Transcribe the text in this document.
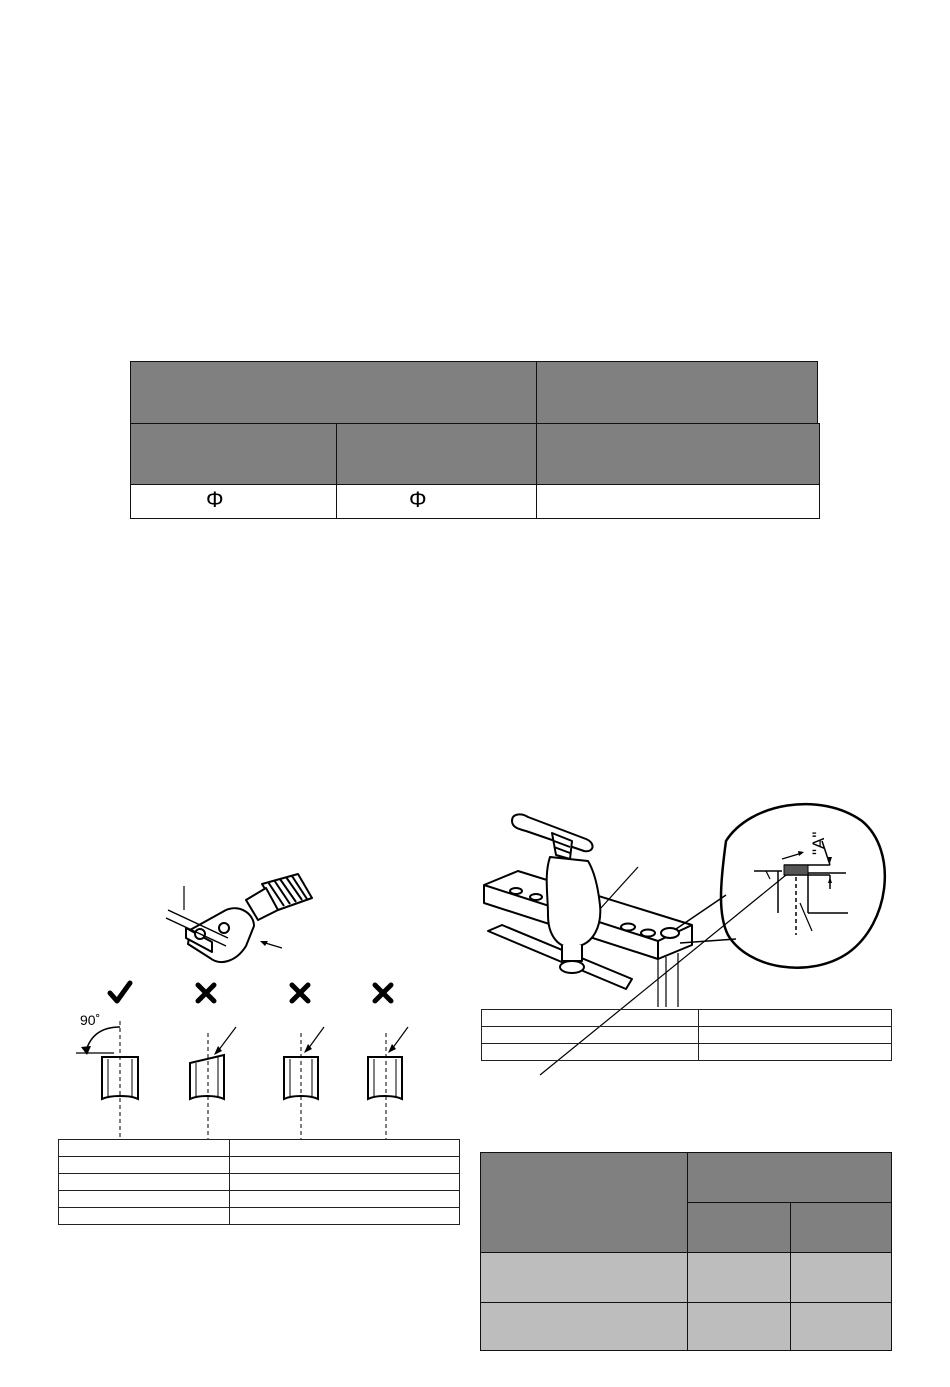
Φ	Φ
90˚

"A"
